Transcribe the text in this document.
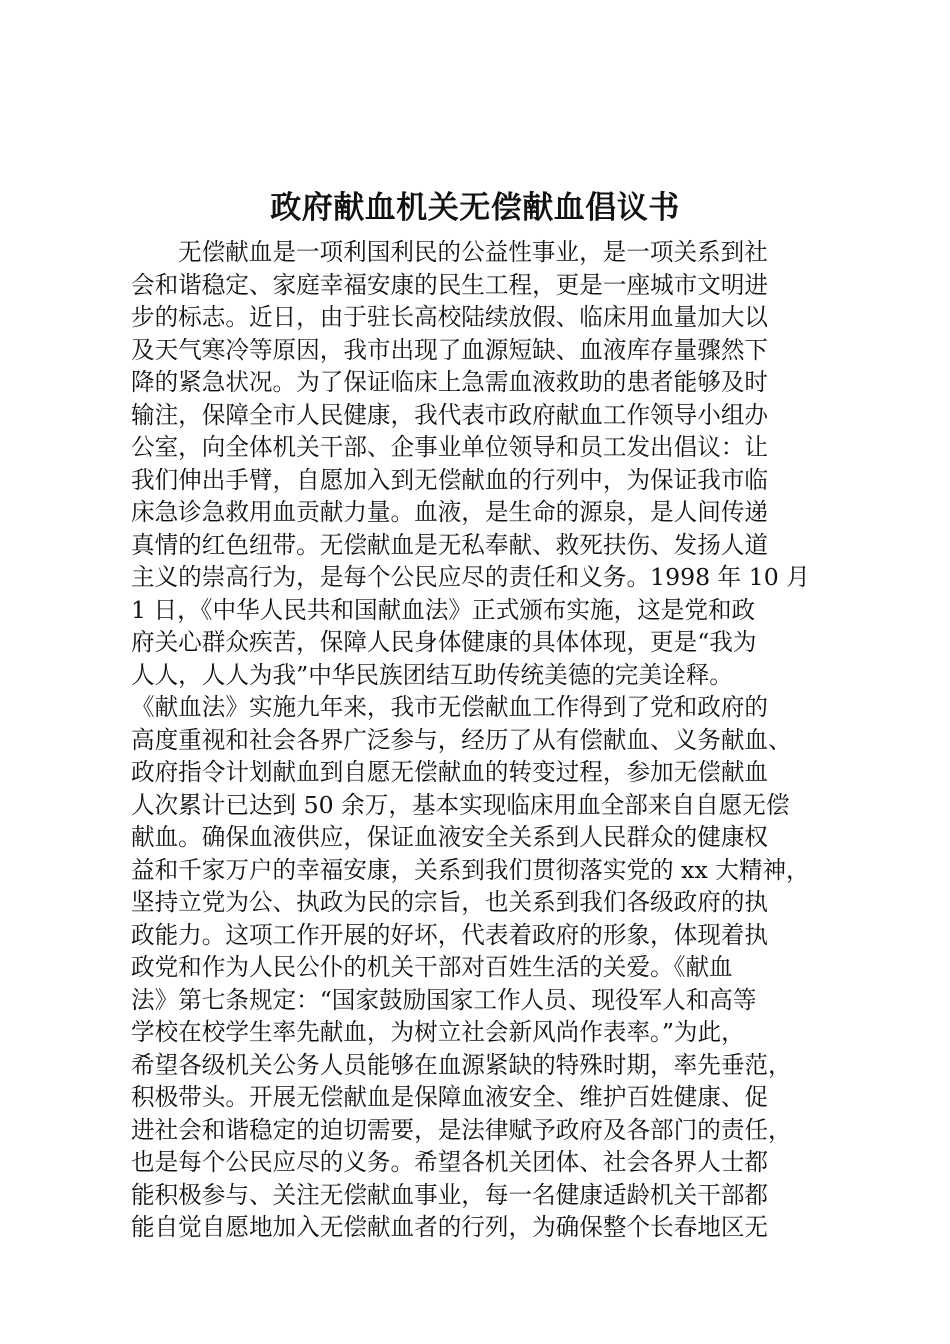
政府献血机关无偿献血倡议书
无偿献血是一项利国利民的公益性事业，是一项关系到社
会和谐稳定、家庭幸福安康的民生工程，更是一座城市文明进
步的标志。近日，由于驻长高校陆续放假、临床用血量加大以
及天气寒冷等原因，我市出现了血源短缺、血液库存量骤然下
降的紧急状况。为了保证临床上急需血液救助的患者能够及时
输注，保障全市人民健康，我代表市政府献血工作领导小组办
公室，向全体机关干部、企事业单位领导和员工发出倡议：让
我们伸出手臂，自愿加入到无偿献血的行列中，为保证我市临
床急诊急救用血贡献力量。血液，是生命的源泉，是人间传递
真情的红色纽带。无偿献血是无私奉献、救死扶伤、发扬人道
主义的崇高行为，是每个公民应尽的责任和义务。1998 年 10 月
1 日，《中华人民共和国献血法》正式颁布实施，这是党和政
府关心群众疾苦，保障人民身体健康的具体体现，更是“我为
人人，人人为我”中华民族团结互助传统美德的完美诠释。
《献血法》实施九年来，我市无偿献血工作得到了党和政府的
高度重视和社会各界广泛参与，经历了从有偿献血、义务献血、
政府指令计划献血到自愿无偿献血的转变过程，参加无偿献血
人次累计已达到 50 余万，基本实现临床用血全部来自自愿无偿
献血。确保血液供应，保证血液安全关系到人民群众的健康权
益和千家万户的幸福安康，关系到我们贯彻落实党的 xx 大精神，
坚持立党为公、执政为民的宗旨，也关系到我们各级政府的执
政能力。这项工作开展的好坏，代表着政府的形象，体现着执
政党和作为人民公仆的机关干部对百姓生活的关爱。《献血
法》第七条规定：“国家鼓励国家工作人员、现役军人和高等
学校在校学生率先献血，为树立社会新风尚作表率。”为此，
希望各级机关公务人员能够在血源紧缺的特殊时期，率先垂范，
积极带头。开展无偿献血是保障血液安全、维护百姓健康、促
进社会和谐稳定的迫切需要，是法律赋予政府及各部门的责任，
也是每个公民应尽的义务。希望各机关团体、社会各界人士都
能积极参与、关注无偿献血事业，每一名健康适龄机关干部都
能自觉自愿地加入无偿献血者的行列，为确保整个长春地区无
